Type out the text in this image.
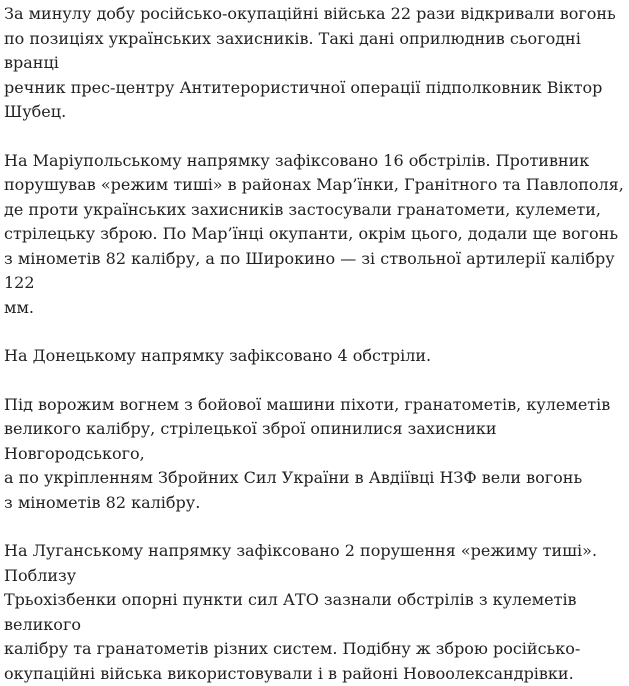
За минулу добу російсько-окупаційні війська 22 рази відкривали вогонь
по позиціях українських захисників. Такі дані оприлюднив сьогодні вранці
речник прес-центру Антитерористичної операції підполковник Віктор
Шубец.

На Маріупольському напрямку зафіксовано 16 обстрілів. Противник
порушував «режим тиші» в районах Мар’їнки, Гранітного та Павлополя,
де проти українських захисників застосували гранатомети, кулемети,
стрілецьку зброю. По Мар’їнці окупанти, окрім цього, додали ще вогонь
з мінометів 82 калібру, а по Широкино — зі ствольної артилерії калібру 122
мм.

На Донецькому напрямку зафіксовано 4 обстріли.

Під ворожим вогнем з бойової машини піхоти, гранатометів, кулеметів
великого калібру, стрілецької зброї опинилися захисники Новгородського,
а по укріпленням Збройних Сил України в Авдіївці НЗФ вели вогонь
з мінометів 82 калібру.

На Луганському напрямку зафіксовано 2 порушення «режиму тиші». Поблизу
Трьохізбенки опорні пункти сил АТО зазнали обстрілів з кулеметів великого
калібру та гранатометів різних систем. Подібну ж зброю російсько-
окупаційні війська використовували і в районі Новоолександрівки.
